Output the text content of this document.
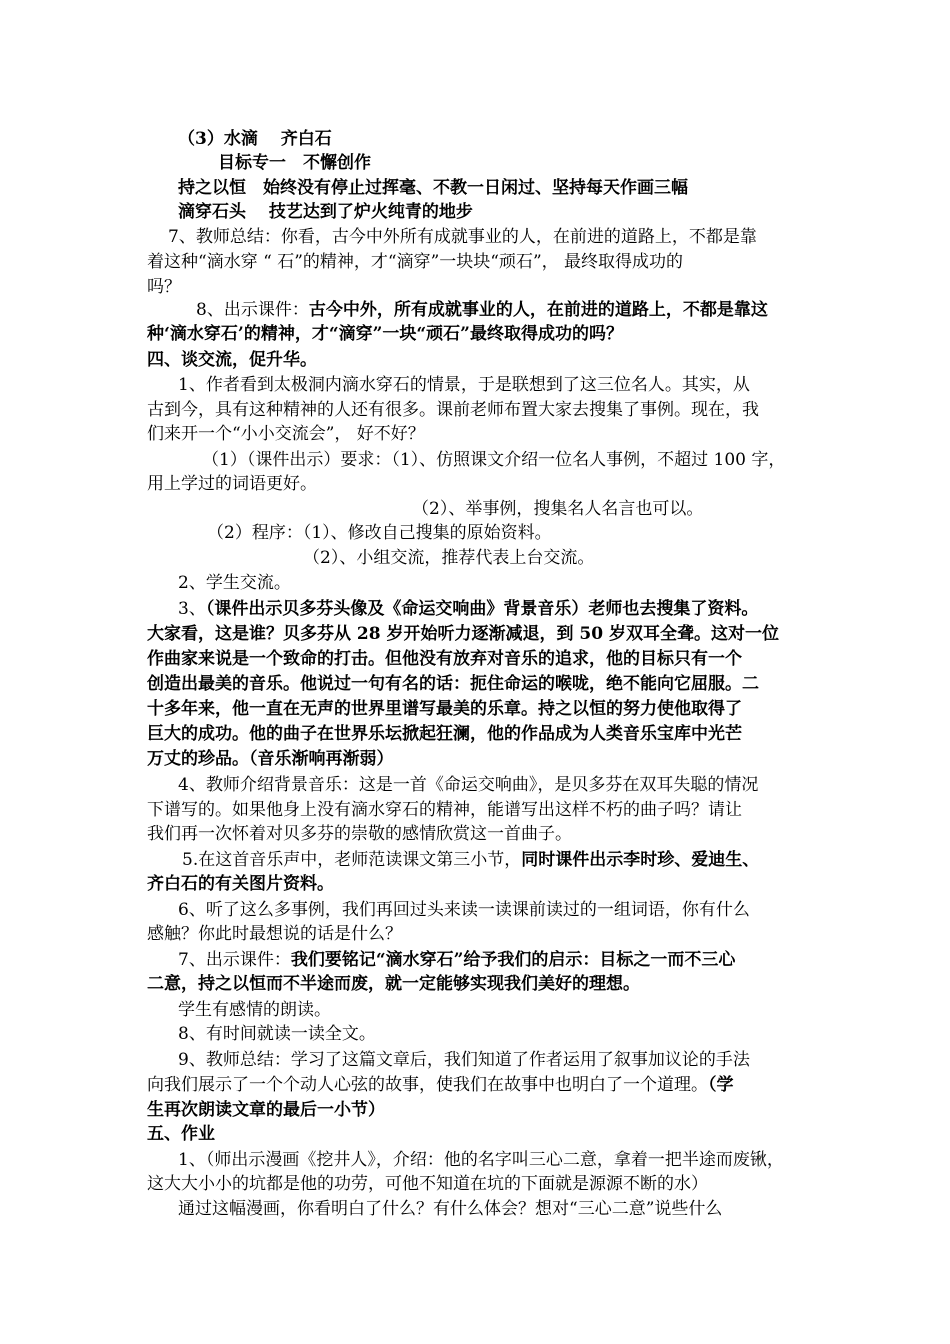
（3）水滴　 齐白石
目标专一　不懈创作
持之以恒　始终没有停止过挥毫、不教一日闲过、坚持每天作画三幅
滴穿石头　 技艺达到了炉火纯青的地步
7、教师总结：你看，古今中外所有成就事业的人，在前进的道路上，不都是靠
着这种“滴水穿 “ 石”的精神，才“滴穿”一块块“顽石”， 最终取得成功的
吗？
8、出示课件：古今中外，所有成就事业的人，在前进的道路上，不都是靠这
种‘滴水穿石’的精神，才“滴穿”一块“顽石”最终取得成功的吗？
四、谈交流，促升华。
1、作者看到太极洞内滴水穿石的情景，于是联想到了这三位名人。其实，从
古到今，具有这种精神的人还有很多。课前老师布置大家去搜集了事例。现在，我
们来开一个“小小交流会”， 好不好？
（1）（课件出示）要求：（1）、仿照课文介绍一位名人事例，不超过 100 字，
用上学过的词语更好。
（2）、举事例，搜集名人名言也可以。
（2）程序：（1）、修改自己搜集的原始资料。
（2）、小组交流，推荐代表上台交流。
2、学生交流。
3、（课件出示贝多芬头像及《命运交响曲》背景音乐）老师也去搜集了资料。
大家看，这是谁？贝多芬从 28 岁开始听力逐渐减退，到 50 岁双耳全聋。这对一位
作曲家来说是一个致命的打击。但他没有放弃对音乐的追求，他的目标只有一个
创造出最美的音乐。他说过一句有名的话：扼住命运的喉咙，绝不能向它屈服。二
十多年来，他一直在无声的世界里谱写最美的乐章。持之以恒的努力使他取得了
巨大的成功。他的曲子在世界乐坛掀起狂澜，他的作品成为人类音乐宝库中光芒
万丈的珍品。（音乐渐响再渐弱）
4、教师介绍背景音乐：这是一首《命运交响曲》，是贝多芬在双耳失聪的情况
下谱写的。如果他身上没有滴水穿石的精神，能谱写出这样不朽的曲子吗？请让
我们再一次怀着对贝多芬的崇敬的感情欣赏这一首曲子。
5.在这首音乐声中，老师范读课文第三小节，同时课件出示李时珍、爱迪生、
齐白石的有关图片资料。
6、听了这么多事例，我们再回过头来读一读课前读过的一组词语，你有什么
感触？你此时最想说的话是什么？
7、出示课件：我们要铭记“滴水穿石”给予我们的启示：目标之一而不三心
二意，持之以恒而不半途而废，就一定能够实现我们美好的理想。
学生有感情的朗读。
8、有时间就读一读全文。
9、教师总结：学习了这篇文章后，我们知道了作者运用了叙事加议论的手法
向我们展示了一个个动人心弦的故事，使我们在故事中也明白了一个道理。（学
生再次朗读文章的最后一小节）
五、作业
1、（师出示漫画《挖井人》，介绍：他的名字叫三心二意，拿着一把半途而废锹，
这大大小小的坑都是他的功劳，可他不知道在坑的下面就是源源不断的水）
通过这幅漫画，你看明白了什么？有什么体会？想对“三心二意”说些什么
